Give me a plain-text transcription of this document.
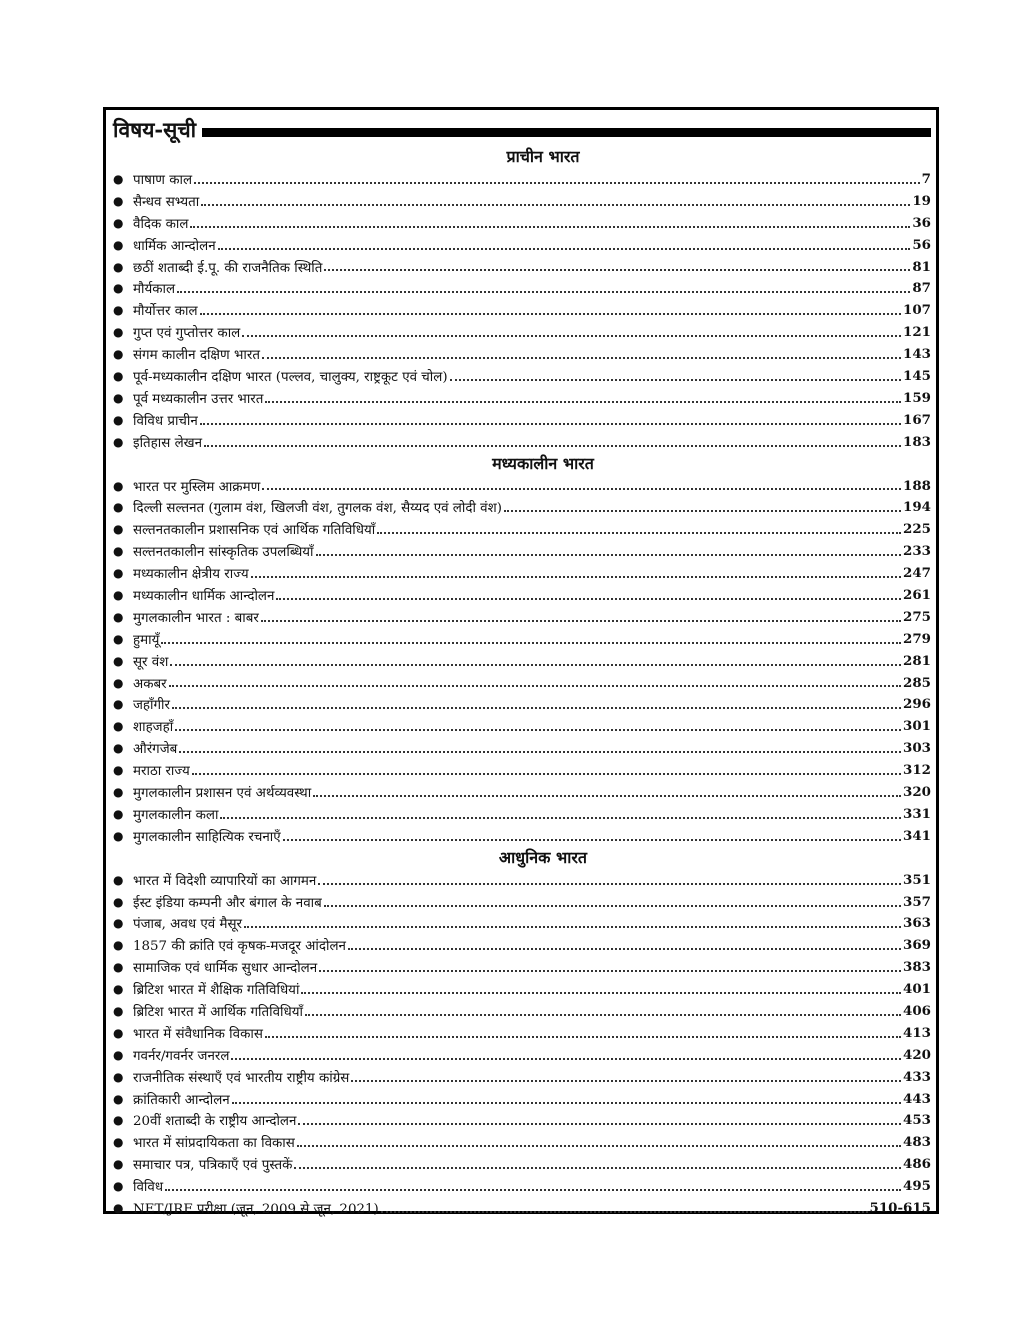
विषय-सूची
प्राचीन भारत
● पाषाण काल	7
● सैन्धव सभ्यता	19
● वैदिक काल	36
● धार्मिक आन्दोलन	56
● छठीं शताब्दी ई.पू. की राजनैतिक स्थिति	81
● मौर्यकाल	87
● मौर्योत्तर काल	107
● गुप्त एवं गुप्तोत्तर काल	121
● संगम कालीन दक्षिण भारत	143
● पूर्व-मध्यकालीन दक्षिण भारत (पल्लव, चालुक्य, राष्ट्रकूट एवं चोल)	145
● पूर्व मध्यकालीन उत्तर भारत	159
● विविध प्राचीन	167
● इतिहास लेखन	183
मध्यकालीन भारत
● भारत पर मुस्लिम आक्रमण	188
● दिल्ली सल्तनत (गुलाम वंश, खिलजी वंश, तुगलक वंश, सैय्यद एवं लोदी वंश)	194
● सल्तनतकालीन प्रशासनिक एवं आर्थिक गतिविधियाँ	225
● सल्तनतकालीन सांस्कृतिक उपलब्धियाँ	233
● मध्यकालीन क्षेत्रीय राज्य	247
● मध्यकालीन धार्मिक आन्दोलन	261
● मुगलकालीन भारत : बाबर	275
● हुमायूँ	279
● सूर वंश	281
● अकबर	285
● जहाँगीर	296
● शाहजहाँ	301
● औरंगजेब	303
● मराठा राज्य	312
● मुगलकालीन प्रशासन एवं अर्थव्यवस्था	320
● मुगलकालीन कला	331
● मुगलकालीन साहित्यिक रचनाएँ	341
आधुनिक भारत
● भारत में विदेशी व्यापारियों का आगमन	351
● ईस्ट इंडिया कम्पनी और बंगाल के नवाब	357
● पंजाब, अवध एवं मैसूर	363
● 1857 की क्रांति एवं कृषक-मजदूर आंदोलन	369
● सामाजिक एवं धार्मिक सुधार आन्दोलन	383
● ब्रिटिश भारत में शैक्षिक गतिविधियां	401
● ब्रिटिश भारत में आर्थिक गतिविधियाँ	406
● भारत में संवैधानिक विकास	413
● गवर्नर/गवर्नर जनरल	420
● राजनीतिक संस्थाएँ एवं भारतीय राष्ट्रीय कांग्रेस	433
● क्रांतिकारी आन्दोलन	443
● 20वीं शताब्दी के राष्ट्रीय आन्दोलन	453
● भारत में सांप्रदायिकता का विकास	483
● समाचार पत्र, पत्रिकाएँ एवं पुस्तकें	486
● विविध	495
● NET/JRF परीक्षा (जून, 2009 से जून, 2021)	510-615
